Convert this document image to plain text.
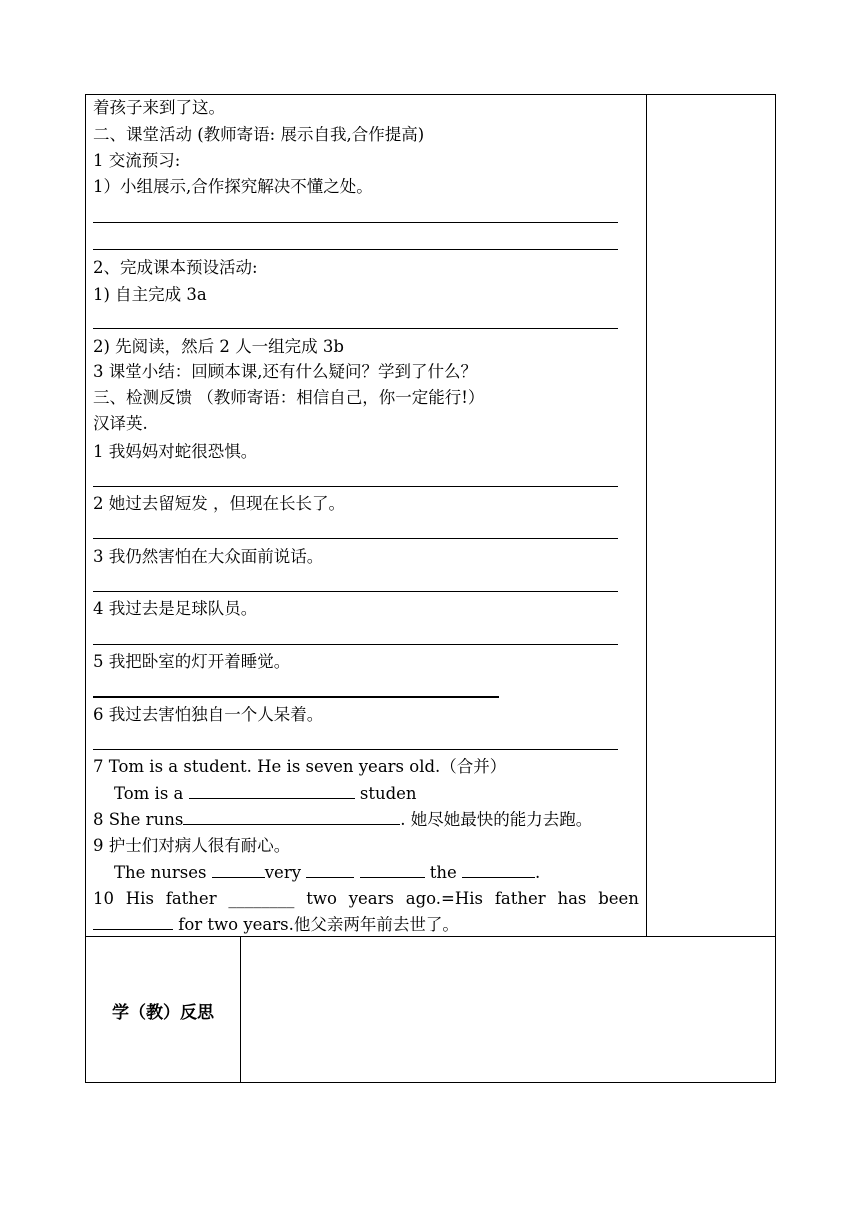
着孩子来到了这。
二、课堂活动 (教师寄语: 展示自我,合作提高)
1 交流预习:
1）小组展示,合作探究解决不懂之处。
2、完成课本预设活动:
1) 自主完成 3a
2) 先阅读，然后 2 人一组完成 3b
3 课堂小结：回顾本课,还有什么疑问？学到了什么？
三、检测反馈 （教师寄语：相信自己，你一定能行!）
汉译英.
1 我妈妈对蛇很恐惧。
2 她过去留短发 ，但现在长长了。
3 我仍然害怕在大众面前说话。
4 我过去是足球队员。
5 我把卧室的灯开着睡觉。
6 我过去害怕独自一个人呆着。
7 Tom is a student. He is seven years old.（合并）
Tom is a	studen
8 She runs	. 她尽她最快的能力去跑。
9 护士们对病人很有耐心。
The nurses	very	the	.
10 His father ________ two years ago.=His father has been
for two years.他父亲两年前去世了。
学（教）反思
